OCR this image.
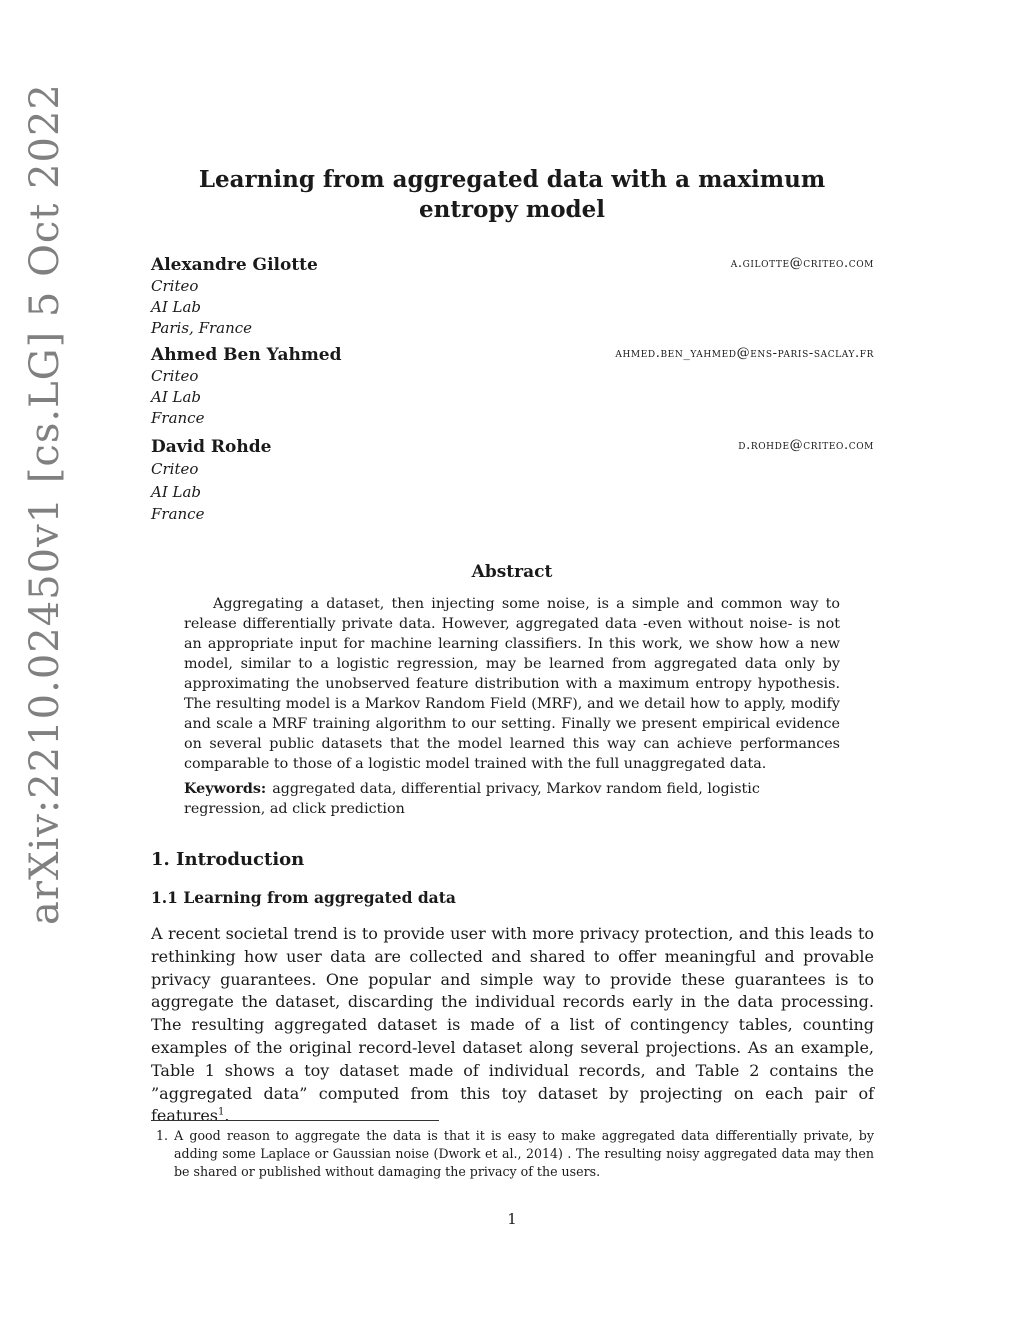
arXiv:2210.02450v1 [cs.LG] 5 Oct 2022	Learning from aggregated data with a maximum entropy model
Alexandre Gilotte	a.gilotte@criteo.com
Criteo
AI Lab
Paris, France
Ahmed Ben Yahmed	ahmed.ben_yahmed@ens-paris-saclay.fr
Criteo
AI Lab
France
David Rohde	d.rohde@criteo.com
Criteo
AI Lab
France
Abstract
Aggregating a dataset, then injecting some noise, is a simple and common way to release differentially private data. However, aggregated data -even without noise- is not an appropriate input for machine learning classifiers. In this work, we show how a new model, similar to a logistic regression, may be learned from aggregated data only by approximating the unobserved feature distribution with a maximum entropy hypothesis. The resulting model is a Markov Random Field (MRF), and we detail how to apply, modify and scale a MRF training algorithm to our setting. Finally we present empirical evidence on several public datasets that the model learned this way can achieve performances comparable to those of a logistic model trained with the full unaggregated data.
Keywords: aggregated data, differential privacy, Markov random field, logistic regression, ad click prediction
1. Introduction
1.1 Learning from aggregated data
A recent societal trend is to provide user with more privacy protection, and this leads to rethinking how user data are collected and shared to offer meaningful and provable privacy guarantees. One popular and simple way to provide these guarantees is to aggregate the dataset, discarding the individual records early in the data processing. The resulting aggregated dataset is made of a list of contingency tables, counting examples of the original record-level dataset along several projections. As an example, Table 1 shows a toy dataset made of individual records, and Table 2 contains the ”aggregated data” computed from this toy dataset by projecting on each pair of features$^1$.
1. A good reason to aggregate the data is that it is easy to make aggregated data differentially private, by adding some Laplace or Gaussian noise (Dwork et al., 2014) . The resulting noisy aggregated data may then be shared or published without damaging the privacy of the users.
1
